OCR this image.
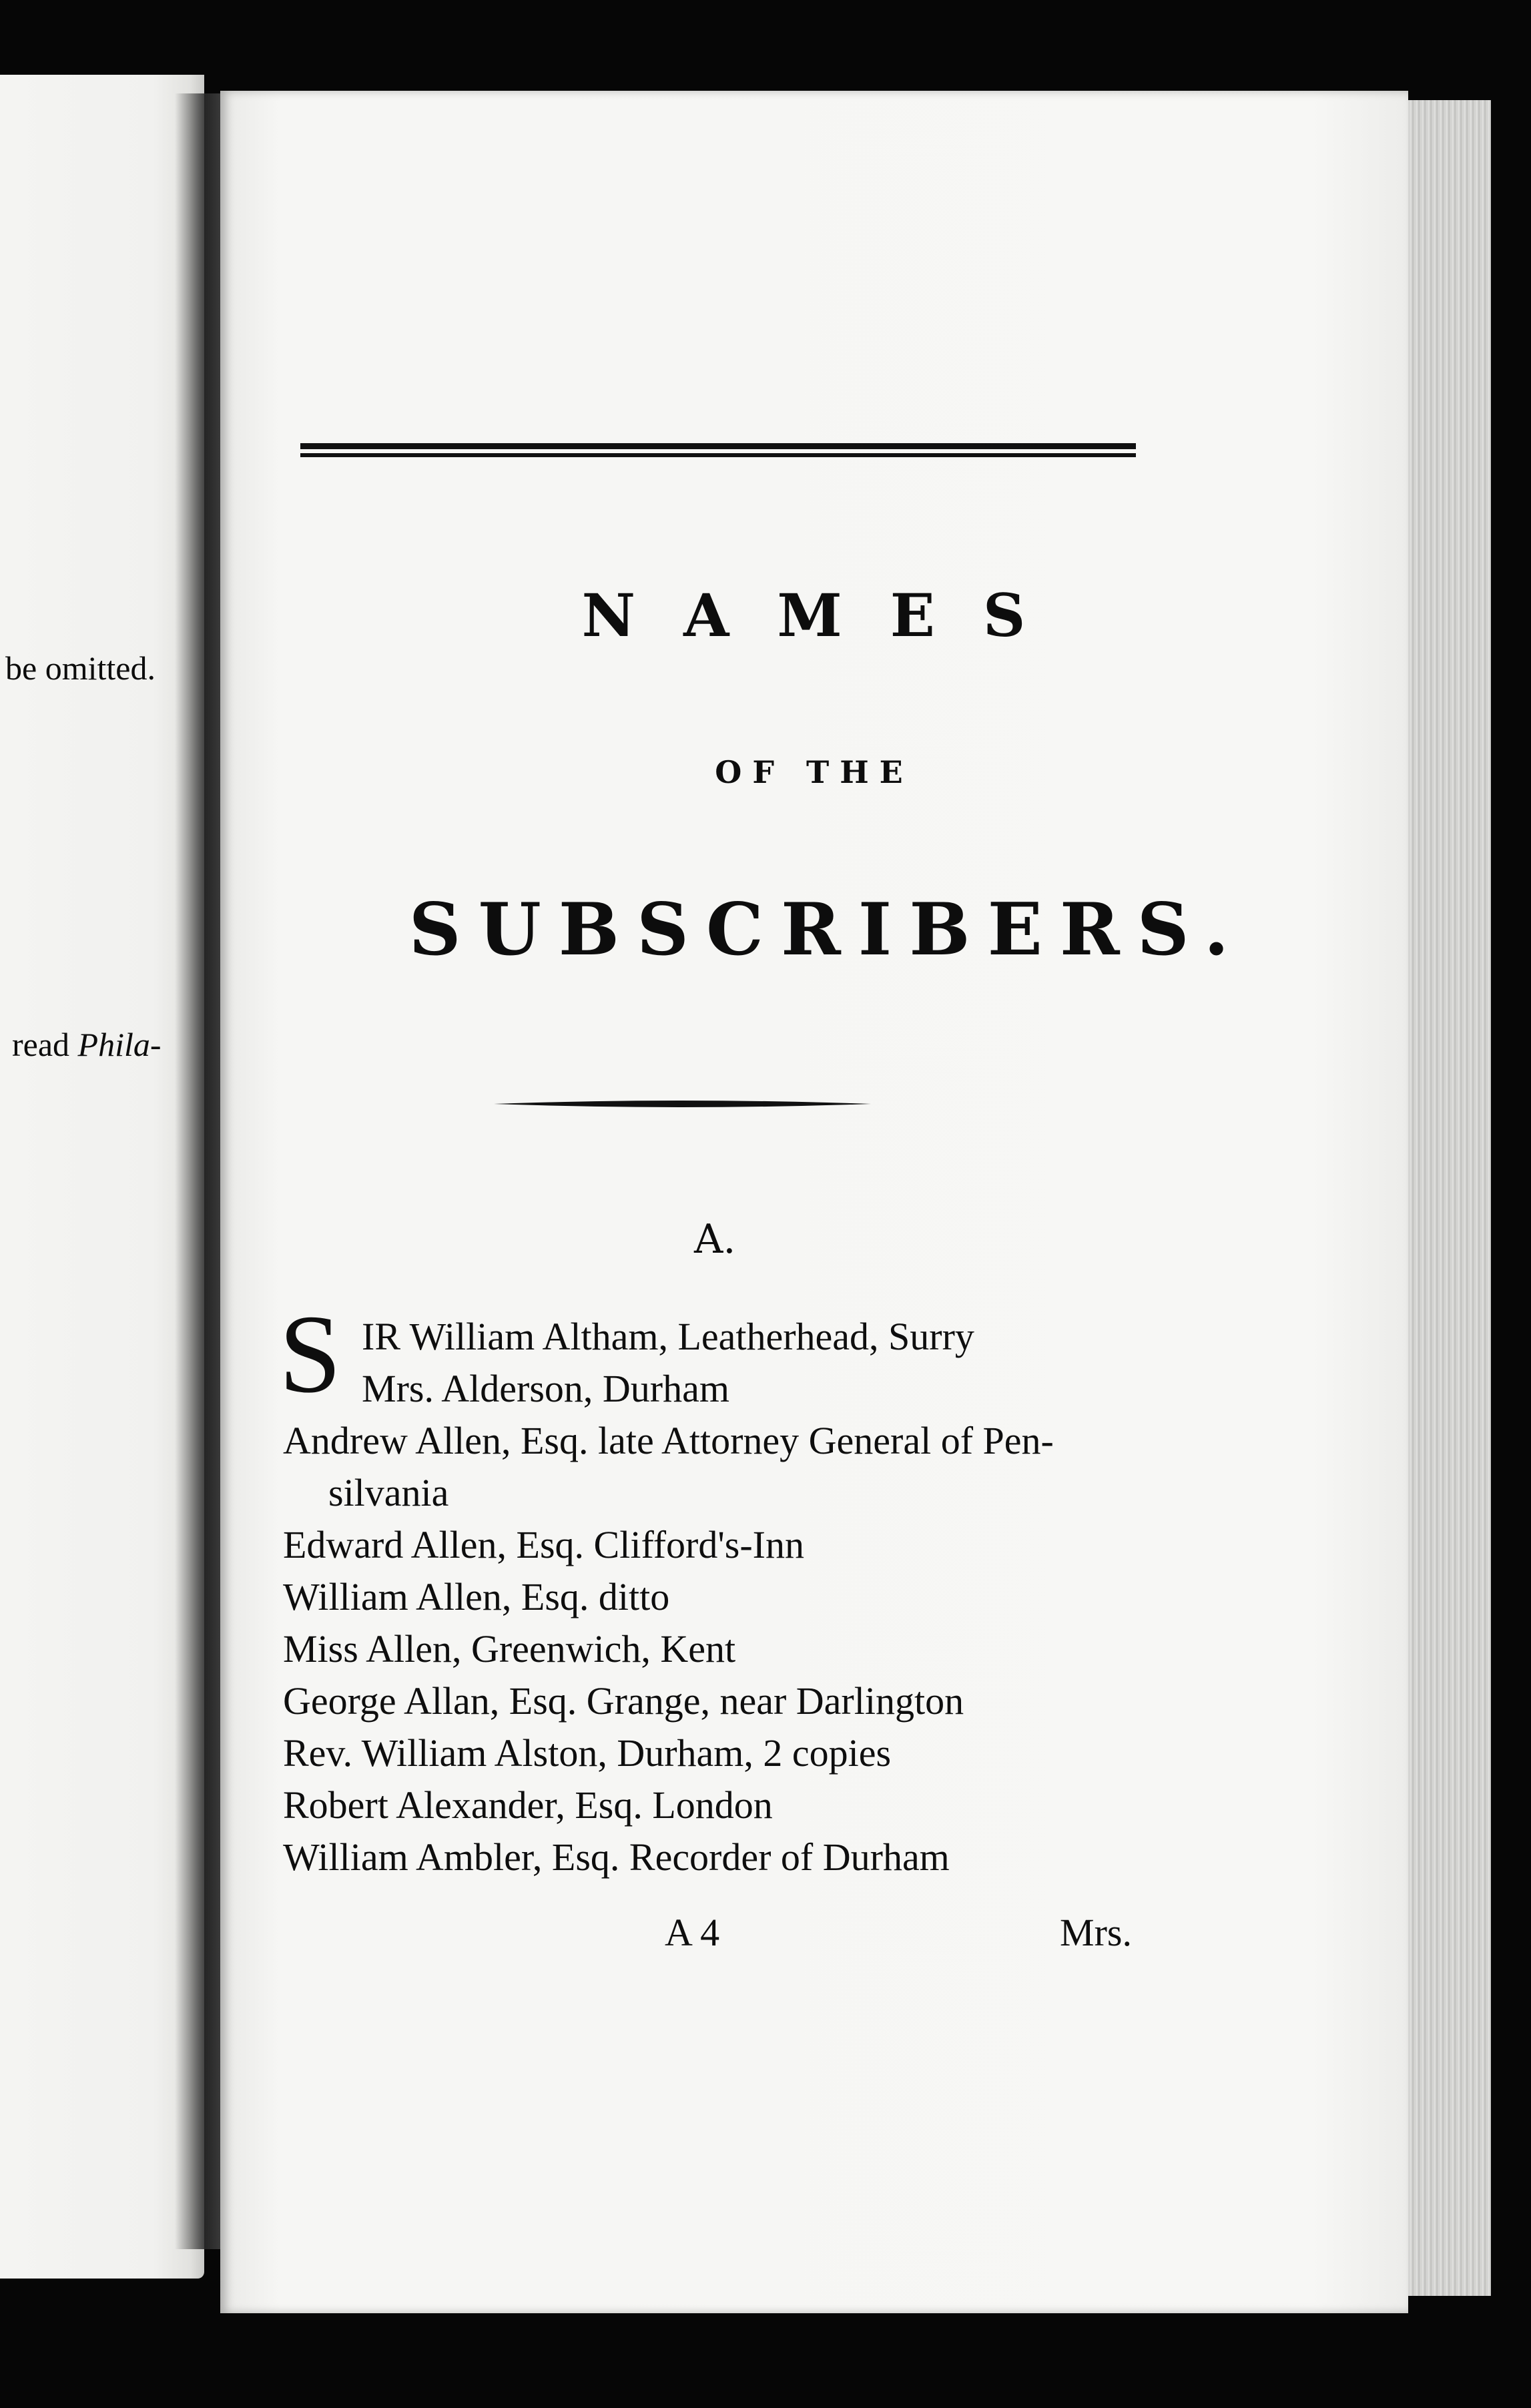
be omitted.
read Phila-
NAMES
OF THE
SUBSCRIBERS.
A.
S IR William Altham, Leatherhead, Surry
Mrs. Alderson, Durham
Andrew Allen, Esq. late Attorney General of Pen-
silvania
Edward Allen, Esq. Clifford's-Inn
William Allen, Esq. ditto
Miss Allen, Greenwich, Kent
George Allan, Esq. Grange, near Darlington
Rev. William Alston, Durham, 2 copies
Robert Alexander, Esq. London
William Ambler, Esq. Recorder of Durham
A 4	Mrs.
